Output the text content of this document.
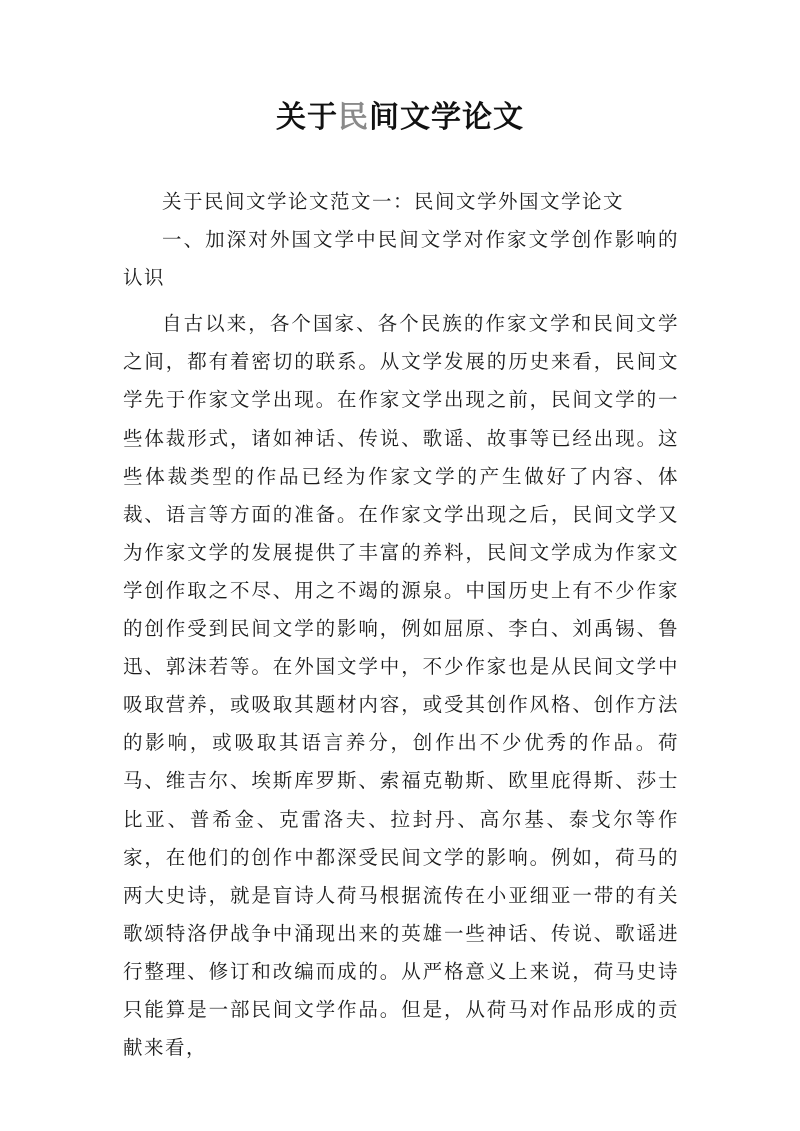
关于民间文学论文

关于民间文学论文范文一：民间文学外国文学论文

一、加深对外国文学中民间文学对作家文学创作影响的认识

自古以来，各个国家、各个民族的作家文学和民间文学之间，都有着密切的联系。从文学发展的历史来看，民间文学先于作家文学出现。在作家文学出现之前，民间文学的一些体裁形式，诸如神话、传说、歌谣、故事等已经出现。这些体裁类型的作品已经为作家文学的产生做好了内容、体裁、语言等方面的准备。在作家文学出现之后，民间文学又为作家文学的发展提供了丰富的养料，民间文学成为作家文学创作取之不尽、用之不竭的源泉。中国历史上有不少作家的创作受到民间文学的影响，例如屈原、李白、刘禹锡、鲁迅、郭沫若等。在外国文学中，不少作家也是从民间文学中吸取营养，或吸取其题材内容，或受其创作风格、创作方法的影响，或吸取其语言养分，创作出不少优秀的作品。荷马、维吉尔、埃斯库罗斯、索福克勒斯、欧里庇得斯、莎士比亚、普希金、克雷洛夫、拉封丹、高尔基、泰戈尔等作家，在他们的创作中都深受民间文学的影响。例如，荷马的两大史诗，就是盲诗人荷马根据流传在小亚细亚一带的有关歌颂特洛伊战争中涌现出来的英雄一些神话、传说、歌谣进行整理、修订和改编而成的。从严格意义上来说，荷马史诗只能算是一部民间文学作品。但是，从荷马对作品形成的贡献来看，
